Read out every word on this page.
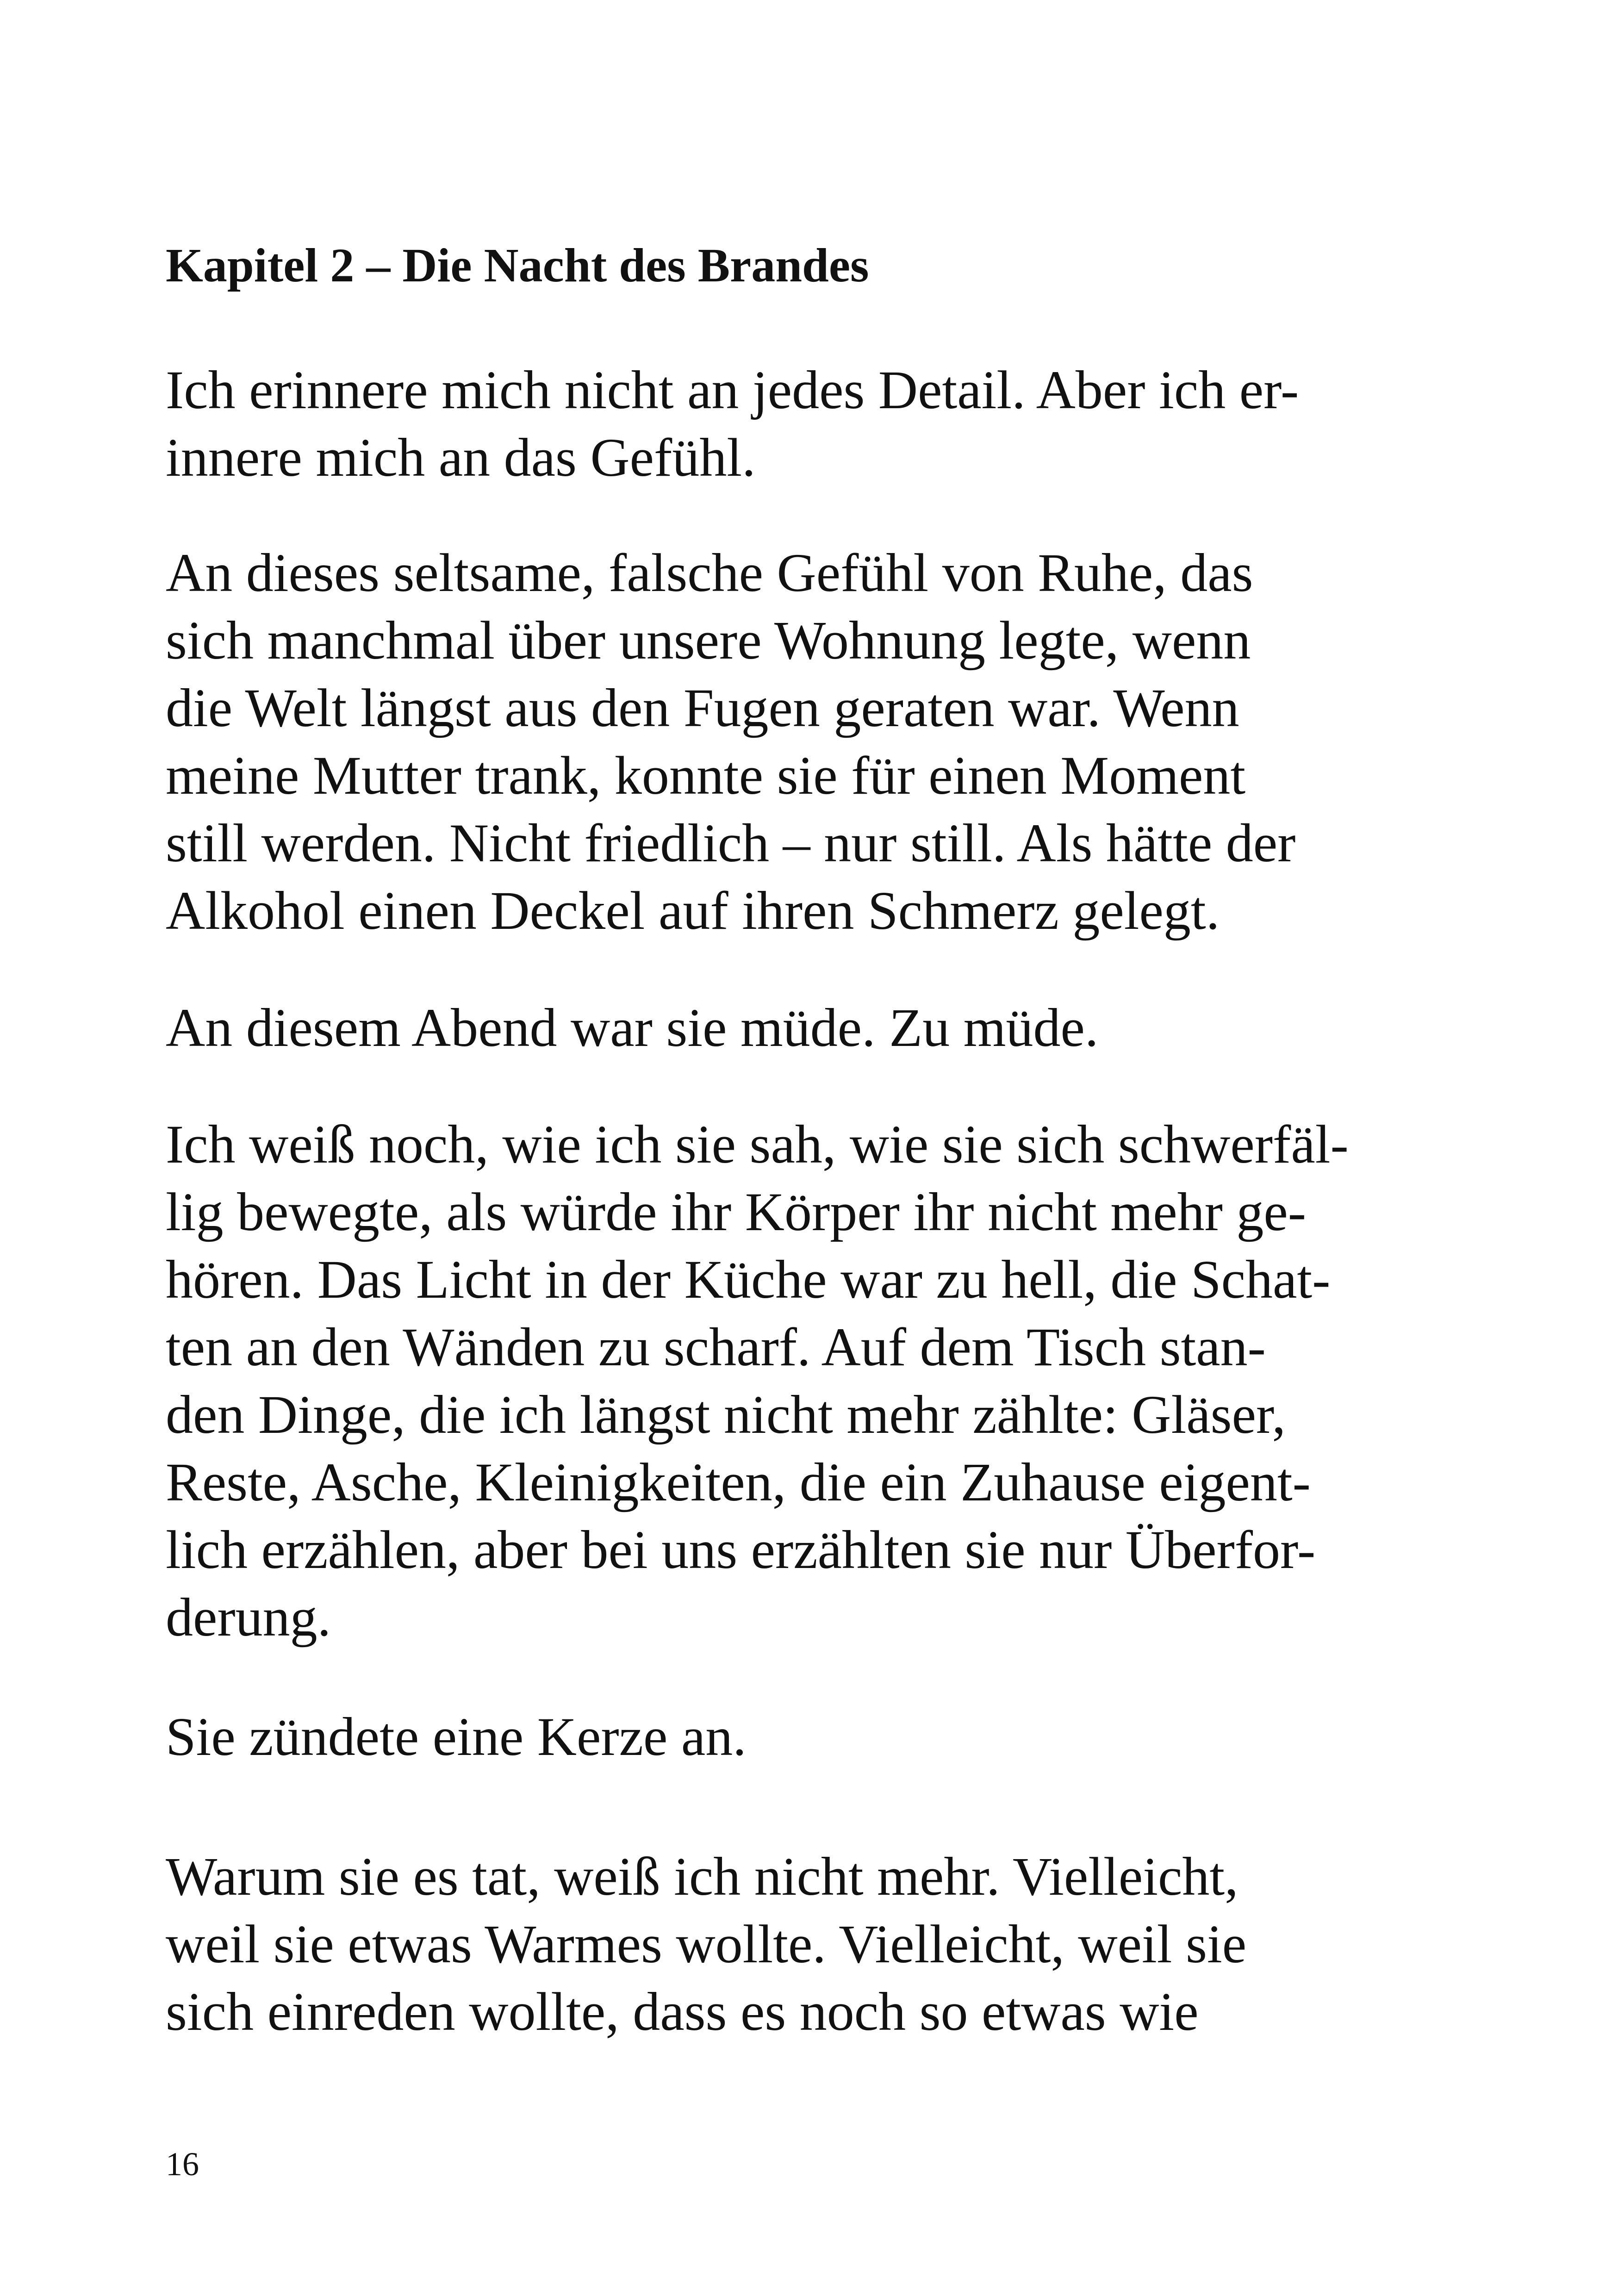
Kapitel 2 – Die Nacht des Brandes

Ich erinnere mich nicht an jedes Detail. Aber ich er-
innere mich an das Gefühl.

An dieses seltsame, falsche Gefühl von Ruhe, das
sich manchmal über unsere Wohnung legte, wenn
die Welt längst aus den Fugen geraten war. Wenn
meine Mutter trank, konnte sie für einen Moment
still werden. Nicht friedlich – nur still. Als hätte der
Alkohol einen Deckel auf ihren Schmerz gelegt.

An diesem Abend war sie müde. Zu müde.

Ich weiß noch, wie ich sie sah, wie sie sich schwerfäl-
lig bewegte, als würde ihr Körper ihr nicht mehr ge-
hören. Das Licht in der Küche war zu hell, die Schat-
ten an den Wänden zu scharf. Auf dem Tisch stan-
den Dinge, die ich längst nicht mehr zählte: Gläser,
Reste, Asche, Kleinigkeiten, die ein Zuhause eigent-
lich erzählen, aber bei uns erzählten sie nur Überfor-
derung.

Sie zündete eine Kerze an.

Warum sie es tat, weiß ich nicht mehr. Vielleicht,
weil sie etwas Warmes wollte. Vielleicht, weil sie
sich einreden wollte, dass es noch so etwas wie

16
